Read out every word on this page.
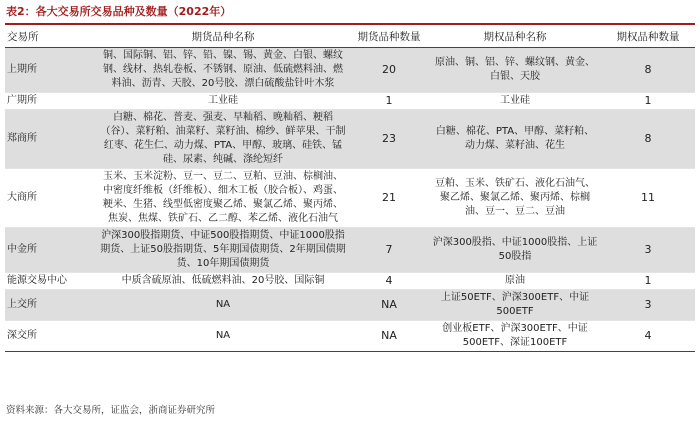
表2：各大交易所交易品种及数量（2022年）
交易所	期货品种名称	期货品种数量	期权品种名称	期权品种数量
上期所	铜、国际铜、铝、锌、铅、镍、锡、黄金、白银、螺纹钢、线材、热轧卷板、不锈钢、原油、低硫燃料油、燃料油、沥青、天胶、20号胶、漂白硫酸盐针叶木浆	20	原油、铜、铝、锌、螺纹钢、黄金、白银、天胶	8
广期所	工业硅	1	工业硅	1
郑商所	白糖、棉花、普麦、强麦、早籼稻、晚籼稻、粳稻（谷）、菜籽粕、油菜籽、菜籽油、棉纱、鲜苹果、干制红枣、花生仁、动力煤、PTA、甲醇、玻璃、硅铁、锰硅、尿素、纯碱、涤纶短纤	23	白糖、棉花、PTA、甲醇、菜籽粕、动力煤、菜籽油、花生	8
大商所	玉米、玉米淀粉、豆一、豆二、豆粕、豆油、棕榈油、中密度纤维板（纤维板）、细木工板（胶合板）、鸡蛋、粳米、生猪、线型低密度聚乙烯、聚氯乙烯、聚丙烯、焦炭、焦煤、铁矿石、乙二醇、苯乙烯、液化石油气	21	豆粕、玉米、铁矿石、液化石油气、聚乙烯、聚氯乙烯、聚丙烯、棕榈油、豆一、豆二、豆油	11
中金所	沪深300股指期货、中证500股指期货、中证1000股指期货、上证50股指期货、5年期国债期货、2年期国债期货、10年期国债期货	7	沪深300股指、中证1000股指、上证50股指	3
能源交易中心	中质含硫原油、低硫燃料油、20号胶、国际铜	4	原油	1
上交所	NA	NA	上证50ETF、沪深300ETF、中证500ETF	3
深交所	NA	NA	创业板ETF、沪深300ETF、中证500ETF、深证100ETF	4
资料来源：各大交易所，证监会，浙商证券研究所
